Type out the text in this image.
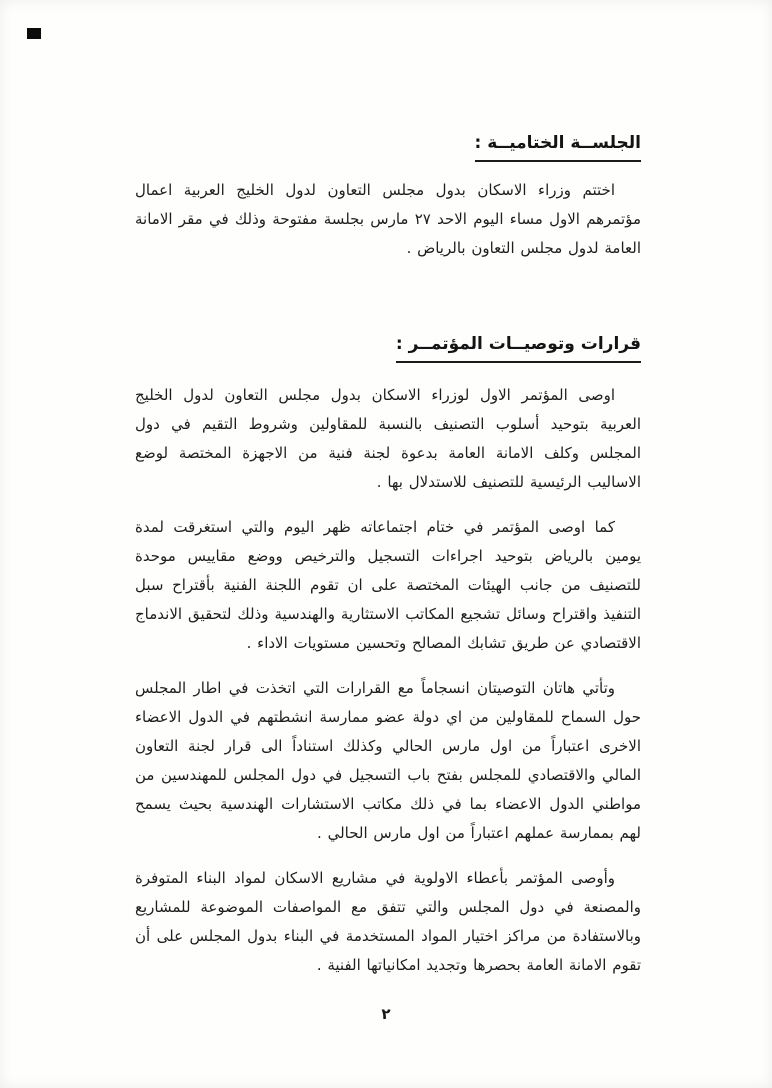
الجلســة الختاميــة :

اختتم وزراء الاسكان بدول مجلس التعاون لدول الخليج العربية اعمال مؤتمرهم الاول مساء اليوم الاحد ٢٧ مارس بجلسة مفتوحة وذلك في مقر الامانة العامة لدول مجلس التعاون بالرياض .

قرارات وتوصيــات المؤتمــر :

اوصى المؤتمر الاول لوزراء الاسكان بدول مجلس التعاون لدول الخليج العربية بتوحيد أسلوب التصنيف بالنسبة للمقاولين وشروط التقيم في دول المجلس وكلف الامانة العامة بدعوة لجنة فنية من الاجهزة المختصة لوضع الاساليب الرئيسية للتصنيف للاستدلال بها .

كما اوصى المؤتمر في ختام اجتماعاته ظهر اليوم والتي استغرقت لمدة يومين بالرياض بتوحيد اجراءات التسجيل والترخيص ووضع مقاييس موحدة للتصنيف من جانب الهيئات المختصة على ان تقوم اللجنة الفنية بأقتراح سبل التنفيذ واقتراح وسائل تشجيع المكاتب الاستثارية والهندسية وذلك لتحقيق الاندماج الاقتصادي عن طريق تشابك المصالح وتحسين مستويات الاداء .

وتأتي هاتان التوصيتان انسجاماً مع القرارات التي اتخذت في اطار المجلس حول السماح للمقاولين من اي دولة عضو ممارسة انشطتهم في الدول الاعضاء الاخرى اعتباراً من اول مارس الحالي وكذلك استناداً الى قرار لجنة التعاون المالي والاقتصادي للمجلس بفتح باب التسجيل في دول المجلس للمهندسين من مواطني الدول الاعضاء بما في ذلك مكاتب الاستشارات الهندسية بحيث يسمح لهم بممارسة عملهم اعتباراً من اول مارس الحالي .

وأوصى المؤتمر بأعطاء الاولوية في مشاريع الاسكان لمواد البناء المتوفرة والمصنعة في دول المجلس والتي تتفق مع المواصفات الموضوعة للمشاريع وبالاستفادة من مراكز اختيار المواد المستخدمة في البناء بدول المجلس على أن تقوم الامانة العامة بحصرها وتجديد امكانياتها الفنية .

٢
